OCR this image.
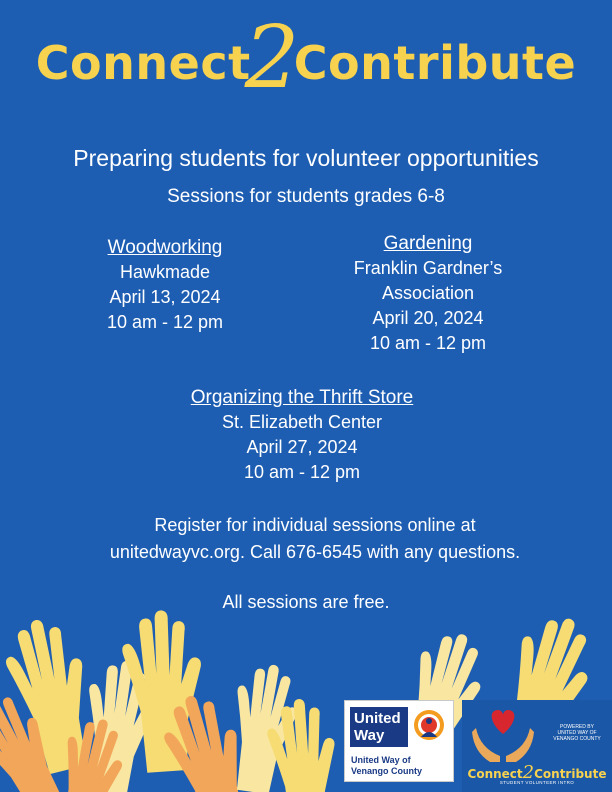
Connect2Contribute
Preparing students for volunteer opportunities
Sessions for students grades 6-8
Woodworking
Hawkmade
April 13, 2024
10 am - 12 pm
Gardening
Franklin Gardner’s
Association
April 20, 2024
10 am - 12 pm
Organizing the Thrift Store
St. Elizabeth Center
April 27, 2024
10 am - 12 pm
Register for individual sessions online at
unitedwayvc.org. Call 676-6545 with any questions.
All sessions are free.
United
Way
United Way of
Venango County
POWERED BY
UNITED WAY OF
VENANGO COUNTY
Connect2Contribute
STUDENT VOLUNTEER INTRO
